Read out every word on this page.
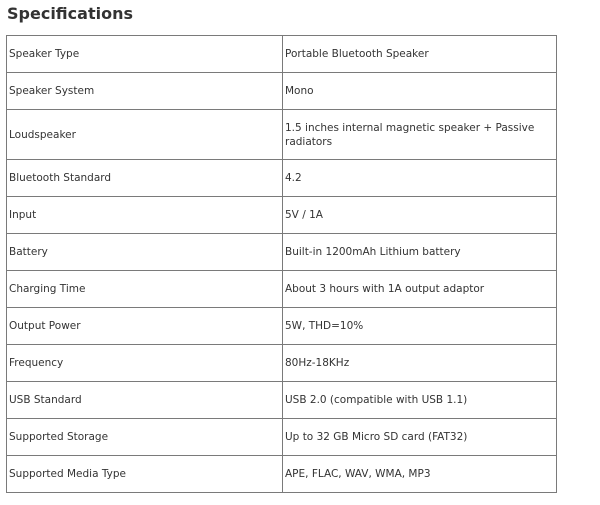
Specifications
Speaker Type	Portable Bluetooth Speaker
Speaker System	Mono
Loudspeaker	1.5 inches internal magnetic speaker + Passive radiators
Bluetooth Standard	4.2
Input	5V / 1A
Battery	Built-in 1200mAh Lithium battery
Charging Time	About 3 hours with 1A output adaptor
Output Power	5W, THD=10%
Frequency	80Hz-18KHz
USB Standard	USB 2.0 (compatible with USB 1.1)
Supported Storage	Up to 32 GB Micro SD card (FAT32)
Supported Media Type	APE, FLAC, WAV, WMA, MP3
